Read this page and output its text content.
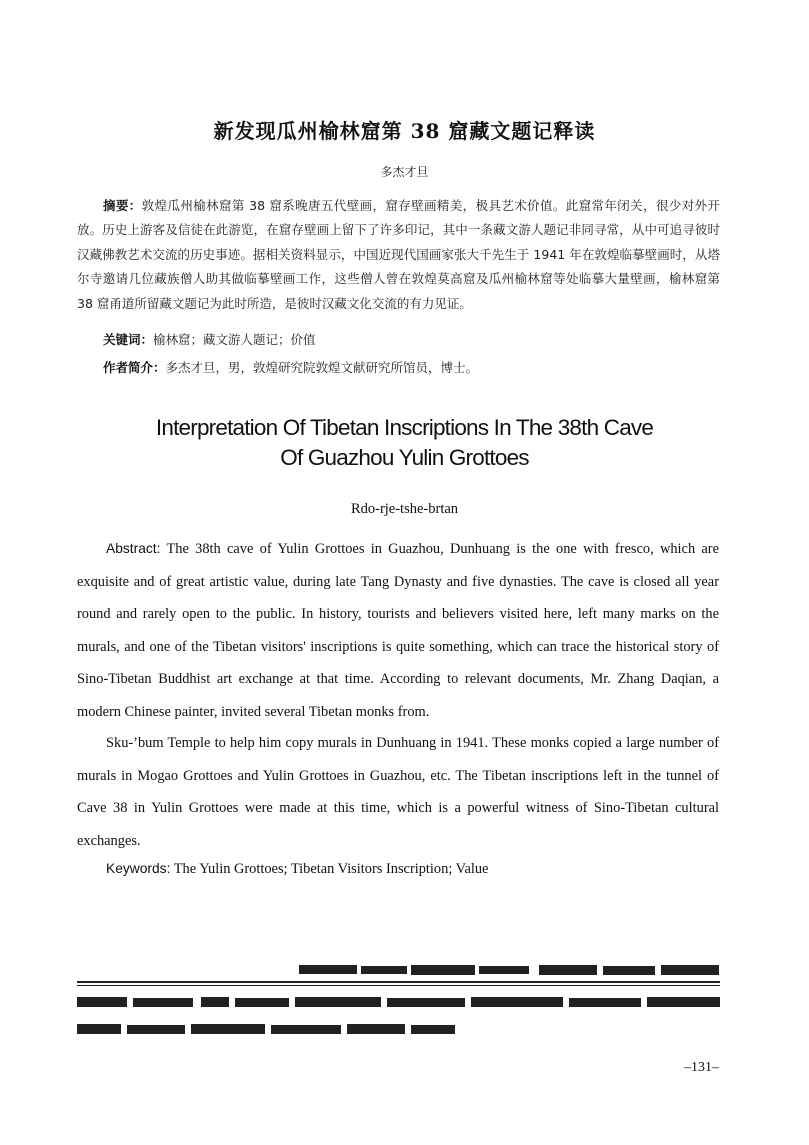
新发现瓜州榆林窟第 38 窟藏文题记释读
多杰才旦

摘要：敦煌瓜州榆林窟第 38 窟系晚唐五代壁画，窟存壁画精美，极具艺术价值。此窟常年闭关，很少对外开放。历史上游客及信徒在此游览，在窟存壁画上留下了许多印记，其中一条藏文游人题记非同寻常，从中可追寻彼时汉藏佛教艺术交流的历史事迹。据相关资料显示，中国近现代国画家张大千先生于 1941 年在敦煌临摹壁画时，从塔尔寺邀请几位藏族僧人助其做临摹壁画工作，这些僧人曾在敦煌莫高窟及瓜州榆林窟等处临摹大量壁画，榆林窟第 38 窟甬道所留藏文题记为此时所造，是彼时汉藏文化交流的有力见证。

关键词：榆林窟；藏文游人题记；价值
作者简介：多杰才旦，男，敦煌研究院敦煌文献研究所馆员，博士。
Interpretation Of Tibetan Inscriptions In The 38th Cave
Of Guazhou Yulin Grottoes
Rdo-rje-tshe-brtan

Abstract: The 38th cave of Yulin Grottoes in Guazhou, Dunhuang is the one with fresco, which are exquisite and of great artistic value, during late Tang Dynasty and five dynasties. The cave is closed all year round and rarely open to the public. In history, tourists and believers visited here, left many marks on the murals, and one of the Tibetan visitors' inscriptions is quite something, which can trace the historical story of Sino-Tibetan Buddhist art exchange at that time. According to relevant documents, Mr. Zhang Daqian, a modern Chinese painter, invited several Tibetan monks from.

Sku-’bum Temple to help him copy murals in Dunhuang in 1941. These monks copied a large number of murals in Mogao Grottoes and Yulin Grottoes in Guazhou, etc. The Tibetan inscriptions left in the tunnel of Cave 38 in Yulin Grottoes were made at this time, which is a powerful witness of Sino-Tibetan cultural exchanges.

Keywords: The Yulin Grottoes; Tibetan Visitors Inscription; Value

–131–
